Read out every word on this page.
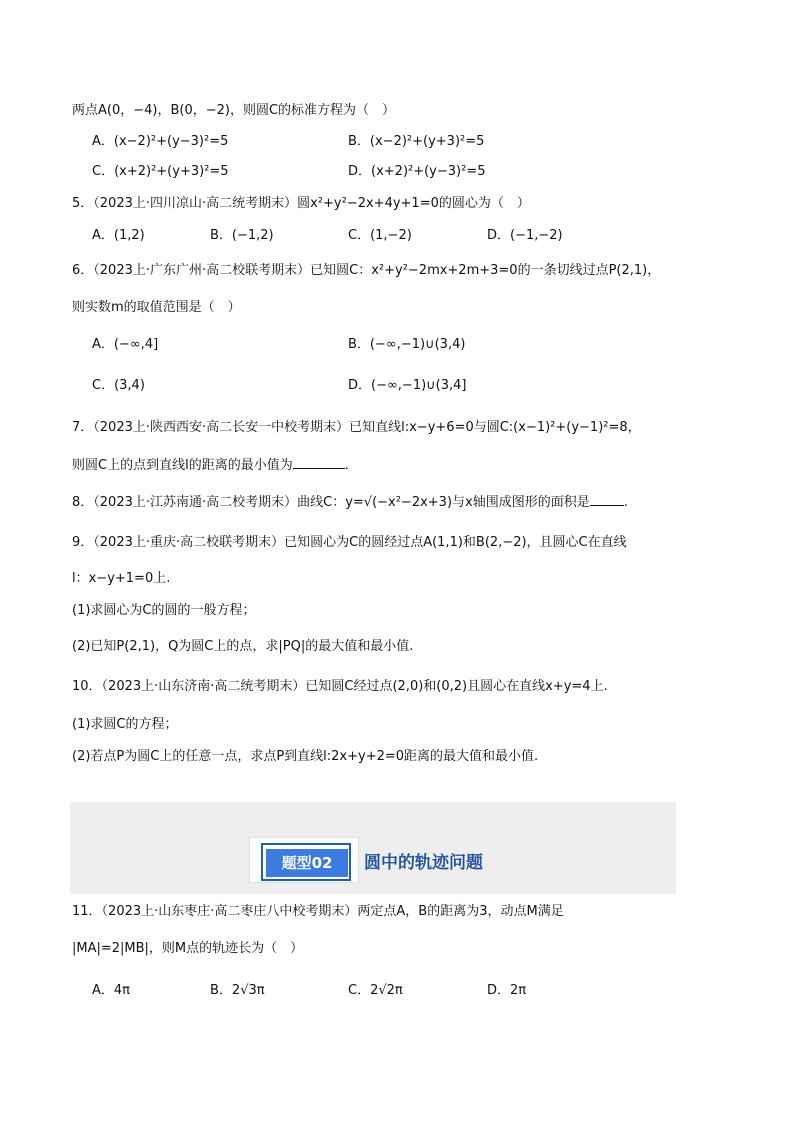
两点A(0，−4)，B(0，−2)，则圆C的标准方程为（　）
A．(x−2)²+(y−3)²=5	B．(x−2)²+(y+3)²=5
C．(x+2)²+(y+3)²=5	D．(x+2)²+(y−3)²=5
5．（2023上·四川凉山·高二统考期末）圆x²+y²−2x+4y+1=0的圆心为（　）
A．(1,2)	B．(−1,2)	C．(1,−2)	D．(−1,−2)
6．（2023上·广东广州·高二校联考期末）已知圆C：x²+y²−2mx+2m+3=0的一条切线过点P(2,1)，
则实数m的取值范围是（　）
A．(−∞,4]	B．(−∞,−1)∪(3,4)
C．(3,4)	D．(−∞,−1)∪(3,4]
7．（2023上·陕西西安·高二长安一中校考期末）已知直线l:x−y+6=0与圆C:(x−1)²+(y−1)²=8，
则圆C上的点到直线l的距离的最小值为	.
8．（2023上·江苏南通·高二校考期末）曲线C：y=√(−x²−2x+3)与x轴围成图形的面积是	.
9．（2023上·重庆·高二校联考期末）已知圆心为C的圆经过点A(1,1)和B(2,−2)，且圆心C在直线
l：x−y+1=0上.
(1)求圆心为C的圆的一般方程；
(2)已知P(2,1)，Q为圆C上的点，求|PQ|的最大值和最小值.
10．（2023上·山东济南·高二统考期末）已知圆C经过点(2,0)和(0,2)且圆心在直线x+y=4上.
(1)求圆C的方程；
(2)若点P为圆C上的任意一点，求点P到直线l:2x+y+2=0距离的最大值和最小值.
11．（2023上·山东枣庄·高二枣庄八中校考期末）两定点A，B的距离为3，动点M满足
|MA|=2|MB|，则M点的轨迹长为（　）
A．4π	B．2√3π	C．2√2π	D．2π
题型02	圆中的轨迹问题
